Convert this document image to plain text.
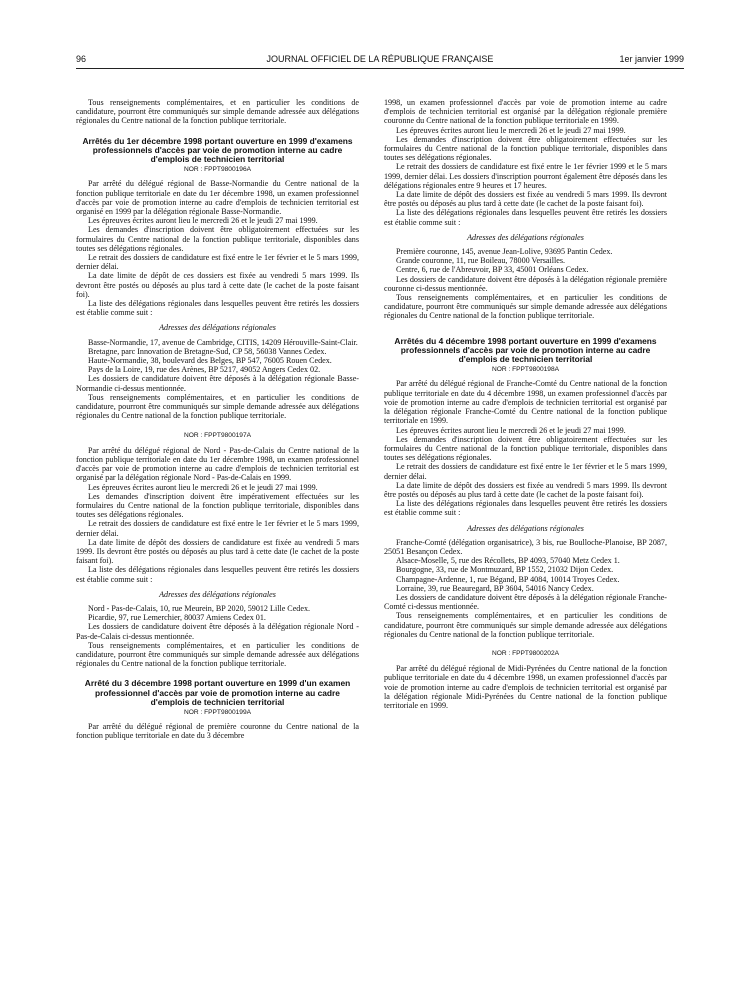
96	JOURNAL OFFICIEL DE LA RÉPUBLIQUE FRANÇAISE	1er janvier 1999

Tous renseignements complémentaires, et en particulier les conditions de candidature, pourront être communiqués sur simple demande adressée aux délégations régionales du Centre national de la fonction publique territoriale.

Arrêtés du 1er décembre 1998 portant ouverture en 1999 d'examens professionnels d'accès par voie de promotion interne au cadre d'emplois de technicien territorial

NOR : FPPT9800196A

Par arrêté du délégué régional de Basse-Normandie du Centre national de la fonction publique territoriale en date du 1er décembre 1998, un examen professionnel d'accès par voie de promotion interne au cadre d'emplois de technicien territorial est organisé en 1999 par la délégation régionale Basse-Normandie.

Les épreuves écrites auront lieu le mercredi 26 et le jeudi 27 mai 1999.

Les demandes d'inscription doivent être obligatoirement effectuées sur les formulaires du Centre national de la fonction publique territoriale, disponibles dans toutes ses délégations régionales.

Le retrait des dossiers de candidature est fixé entre le 1er février et le 5 mars 1999, dernier délai.

La date limite de dépôt de ces dossiers est fixée au vendredi 5 mars 1999. Ils devront être postés ou déposés au plus tard à cette date (le cachet de la poste faisant foi).

La liste des délégations régionales dans lesquelles peuvent être retirés les dossiers est établie comme suit :

Adresses des délégations régionales

Basse-Normandie, 17, avenue de Cambridge, CITIS, 14209 Hérouville-Saint-Clair.

Bretagne, parc Innovation de Bretagne-Sud, CP 58, 56038 Vannes Cedex.

Haute-Normandie, 38, boulevard des Belges, BP 547, 76005 Rouen Cedex.

Pays de la Loire, 19, rue des Arènes, BP 5217, 49052 Angers Cedex 02.

Les dossiers de candidature doivent être déposés à la délégation régionale Basse-Normandie ci-dessus mentionnée.

Tous renseignements complémentaires, et en particulier les conditions de candidature, pourront être communiqués sur simple demande adressée aux délégations régionales du Centre national de la fonction publique territoriale.

NOR : FPPT9800197A

Par arrêté du délégué régional de Nord - Pas-de-Calais du Centre national de la fonction publique territoriale en date du 1er décembre 1998, un examen professionnel d'accès par voie de promotion interne au cadre d'emplois de technicien territorial est organisé par la délégation régionale Nord - Pas-de-Calais en 1999.

Les épreuves écrites auront lieu le mercredi 26 et le jeudi 27 mai 1999.

Les demandes d'inscription doivent être impérativement effectuées sur les formulaires du Centre national de la fonction publique territoriale, disponibles dans toutes ses délégations régionales.

Le retrait des dossiers de candidature est fixé entre le 1er février et le 5 mars 1999, dernier délai.

La date limite de dépôt des dossiers de candidature est fixée au vendredi 5 mars 1999. Ils devront être postés ou déposés au plus tard à cette date (le cachet de la poste faisant foi).

La liste des délégations régionales dans lesquelles peuvent être retirés les dossiers est établie comme suit :

Adresses des délégations régionales

Nord - Pas-de-Calais, 10, rue Meurein, BP 2020, 59012 Lille Cedex.

Picardie, 97, rue Lemerchier, 80037 Amiens Cedex 01.

Les dossiers de candidature doivent être déposés à la délégation régionale Nord - Pas-de-Calais ci-dessus mentionnée.

Tous renseignements complémentaires, et en particulier les conditions de candidature, pourront être communiqués sur simple demande adressée aux délégations régionales du Centre national de la fonction publique territoriale.

Arrêté du 3 décembre 1998 portant ouverture en 1999 d'un examen professionnel d'accès par voie de promotion interne au cadre d'emplois de technicien territorial

NOR : FPPT9800199A

Par arrêté du délégué régional de première couronne du Centre national de la fonction publique territoriale en date du 3 décembre

1998, un examen professionnel d'accès par voie de promotion interne au cadre d'emplois de technicien territorial est organisé par la délégation régionale première couronne du Centre national de la fonction publique territoriale en 1999.

Les épreuves écrites auront lieu le mercredi 26 et le jeudi 27 mai 1999.

Les demandes d'inscription doivent être obligatoirement effectuées sur les formulaires du Centre national de la fonction publique territoriale, disponibles dans toutes ses délégations régionales.

Le retrait des dossiers de candidature est fixé entre le 1er février 1999 et le 5 mars 1999, dernier délai. Les dossiers d'inscription pourront également être déposés dans les délégations régionales entre 9 heures et 17 heures.

La date limite de dépôt des dossiers est fixée au vendredi 5 mars 1999. Ils devront être postés ou déposés au plus tard à cette date (le cachet de la poste faisant foi).

La liste des délégations régionales dans lesquelles peuvent être retirés les dossiers est établie comme suit :

Adresses des délégations régionales

Première couronne, 145, avenue Jean-Lolive, 93695 Pantin Cedex.

Grande couronne, 11, rue Boileau, 78000 Versailles.

Centre, 6, rue de l'Abreuvoir, BP 33, 45001 Orléans Cedex.

Les dossiers de candidature doivent être déposés à la délégation régionale première couronne ci-dessus mentionnée.

Tous renseignements complémentaires, et en particulier les conditions de candidature, pourront être communiqués sur simple demande adressée aux délégations régionales du Centre national de la fonction publique territoriale.

Arrêtés du 4 décembre 1998 portant ouverture en 1999 d'examens professionnels d'accès par voie de promotion interne au cadre d'emplois de technicien territorial

NOR : FPPT9800198A

Par arrêté du délégué régional de Franche-Comté du Centre national de la fonction publique territoriale en date du 4 décembre 1998, un examen professionnel d'accès par voie de promotion interne au cadre d'emplois de technicien territorial est organisé par la délégation régionale Franche-Comté du Centre national de la fonction publique territoriale en 1999.

Les épreuves écrites auront lieu le mercredi 26 et le jeudi 27 mai 1999.

Les demandes d'inscription doivent être obligatoirement effectuées sur les formulaires du Centre national de la fonction publique territoriale, disponibles dans toutes ses délégations régionales.

Le retrait des dossiers de candidature est fixé entre le 1er février et le 5 mars 1999, dernier délai.

La date limite de dépôt des dossiers est fixée au vendredi 5 mars 1999. Ils devront être postés ou déposés au plus tard à cette date (le cachet de la poste faisant foi).

La liste des délégations régionales dans lesquelles peuvent être retirés les dossiers est établie comme suit :

Adresses des délégations régionales

Franche-Comté (délégation organisatrice), 3 bis, rue Boulloche-Planoise, BP 2087, 25051 Besançon Cedex.

Alsace-Moselle, 5, rue des Récollets, BP 4093, 57040 Metz Cedex 1.

Bourgogne, 33, rue de Montmuzard, BP 1552, 21032 Dijon Cedex.

Champagne-Ardenne, 1, rue Bégand, BP 4084, 10014 Troyes Cedex.

Lorraine, 39, rue Beauregard, BP 3604, 54016 Nancy Cedex.

Les dossiers de candidature doivent être déposés à la délégation régionale Franche-Comté ci-dessus mentionnée.

Tous renseignements complémentaires, et en particulier les conditions de candidature, pourront être communiqués sur simple demande adressée aux délégations régionales du Centre national de la fonction publique territoriale.

NOR : FPPT9800202A

Par arrêté du délégué régional de Midi-Pyrénées du Centre national de la fonction publique territoriale en date du 4 décembre 1998, un examen professionnel d'accès par voie de promotion interne au cadre d'emplois de technicien territorial est organisé par la délégation régionale Midi-Pyrénées du Centre national de la fonction publique territoriale en 1999.
